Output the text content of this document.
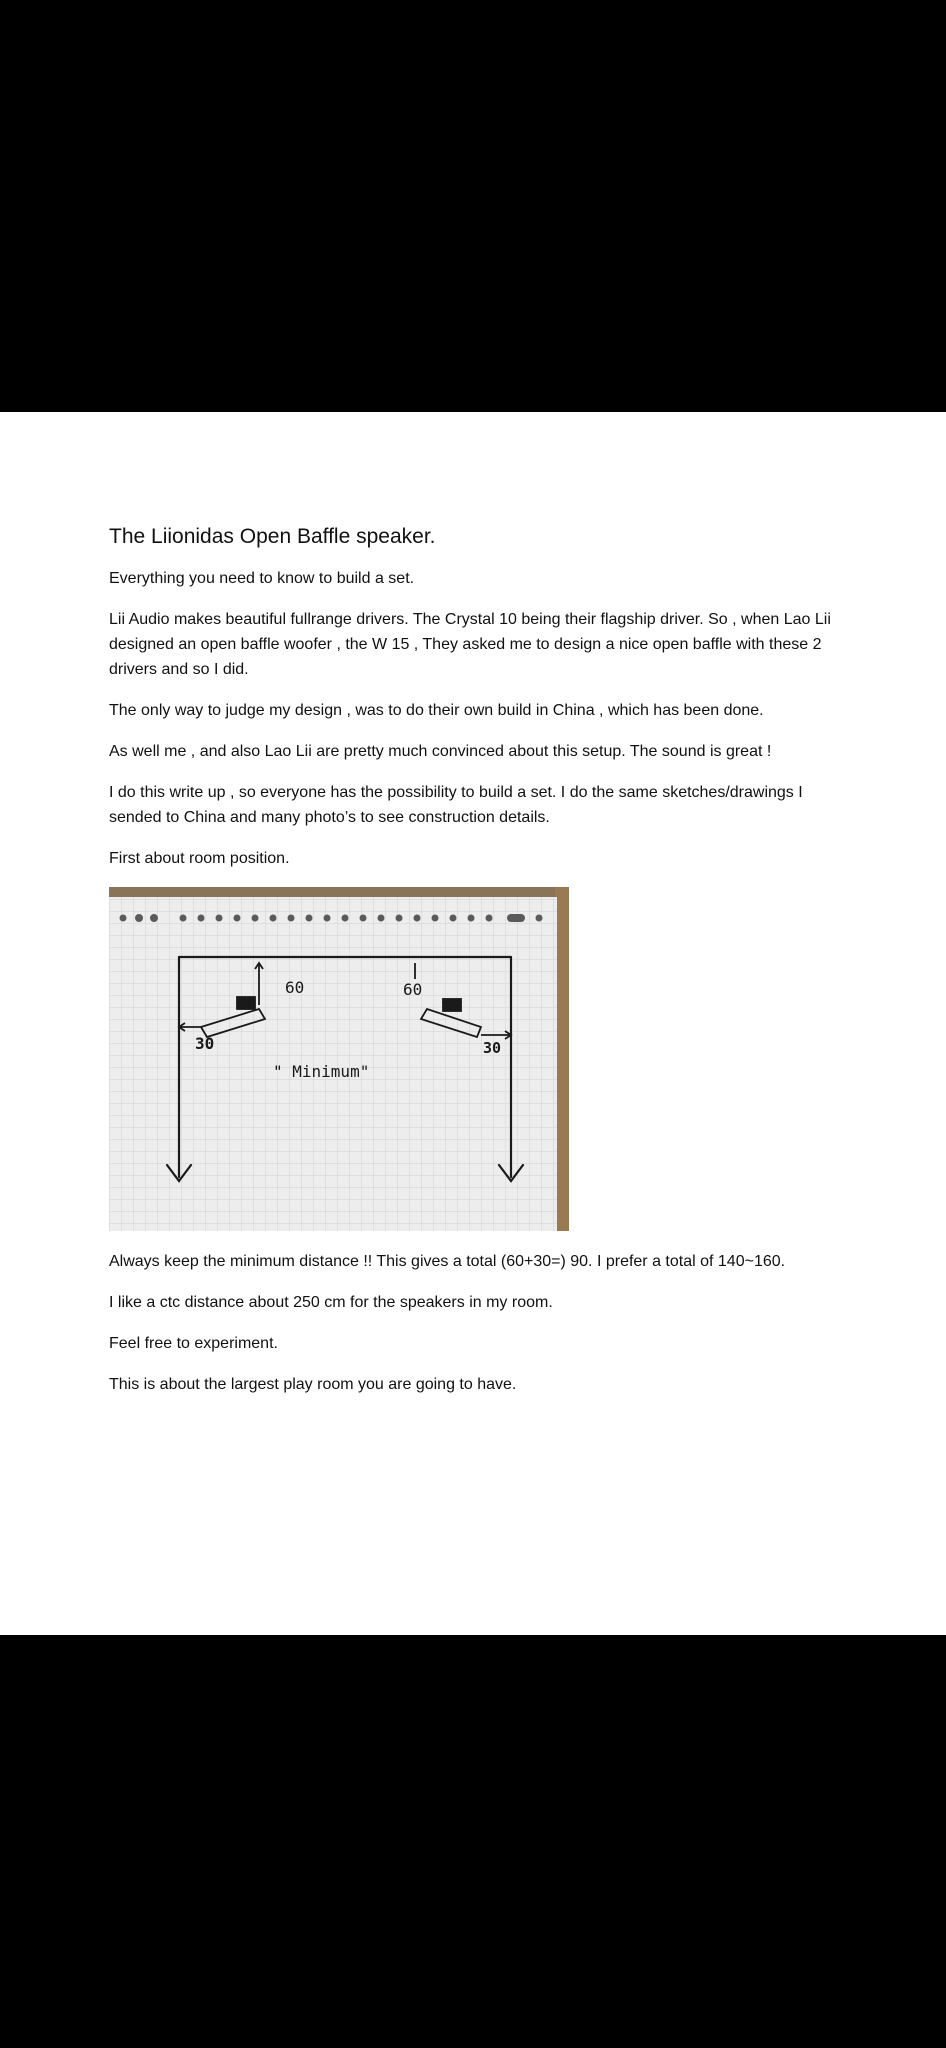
The Liionidas Open Baffle speaker.

Everything you need to know to build a set.

Lii Audio makes beautiful fullrange drivers. The Crystal 10 being their flagship driver. So , when Lao Lii designed an open baffle woofer , the W 15 , They asked me to design a nice open baffle with these 2 drivers and so I did.

The only way to judge my design , was to do their own build in China , which has been done.

As well me , and also Lao Lii are pretty much convinced about this setup. The sound is great !

I do this write up , so everyone has the possibility to build a set. I do the same sketches/drawings I sended to China and many photo’s to see construction details.

First about room position.

30	30
60	60
" Minimum"

Always keep the minimum distance !! This gives a total (60+30=) 90. I prefer a total of 140~160.

I like a ctc distance about 250 cm for the speakers in my room.

Feel free to experiment.

This is about the largest play room you are going to have.
